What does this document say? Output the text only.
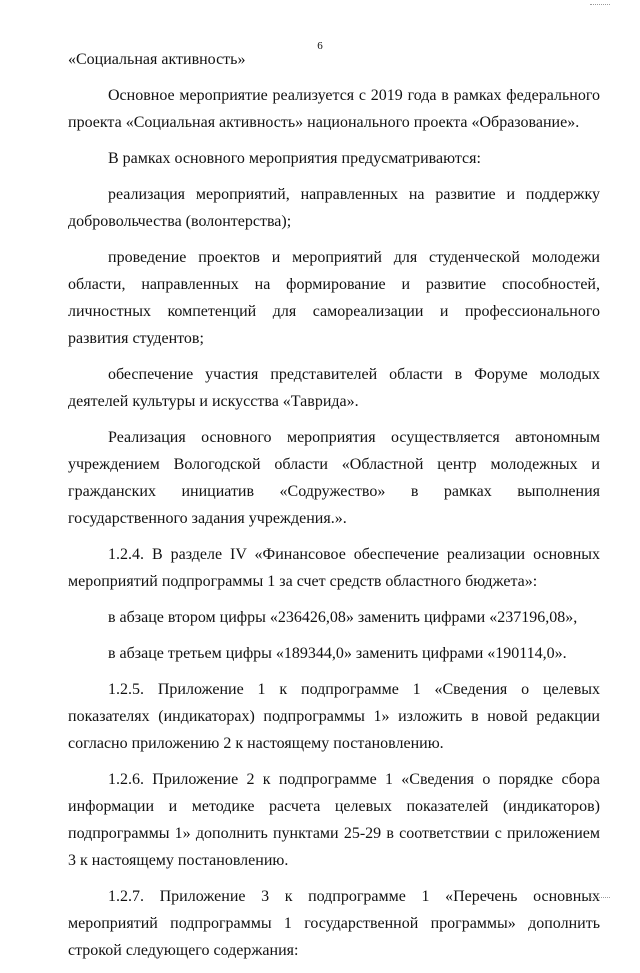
6

«Социальная активность»

Основное мероприятие реализуется с 2019 года в рамках федерального проекта «Социальная активность» национального проекта «Образование».

В рамках основного мероприятия предусматриваются:

реализация мероприятий, направленных на развитие и поддержку добровольчества (волонтерства);

проведение проектов и мероприятий для студенческой молодежи области, направленных на формирование и развитие способностей, личностных компетенций для самореализации и профессионального развития студентов;

обеспечение участия представителей области в Форуме молодых деятелей культуры и искусства «Таврида».

Реализация основного мероприятия осуществляется автономным учреждением Вологодской области «Областной центр молодежных и гражданских инициатив «Содружество» в рамках выполнения государственного задания учреждения.».

1.2.4. В разделе IV «Финансовое обеспечение реализации основных мероприятий подпрограммы 1 за счет средств областного бюджета»:

в абзаце втором цифры «236426,08» заменить цифрами «237196,08»,

в абзаце третьем цифры «189344,0» заменить цифрами «190114,0».

1.2.5. Приложение 1 к подпрограмме 1 «Сведения о целевых показателях (индикаторах) подпрограммы 1» изложить в новой редакции согласно приложению 2 к настоящему постановлению.

1.2.6. Приложение 2 к подпрограмме 1 «Сведения о порядке сбора информации и методике расчета целевых показателей (индикаторов) подпрограммы 1» дополнить пунктами 25-29 в соответствии с приложением 3 к настоящему постановлению.

1.2.7. Приложение 3 к подпрограмме 1 «Перечень основных мероприятий подпрограммы 1 государственной программы» дополнить строкой следующего содержания:
